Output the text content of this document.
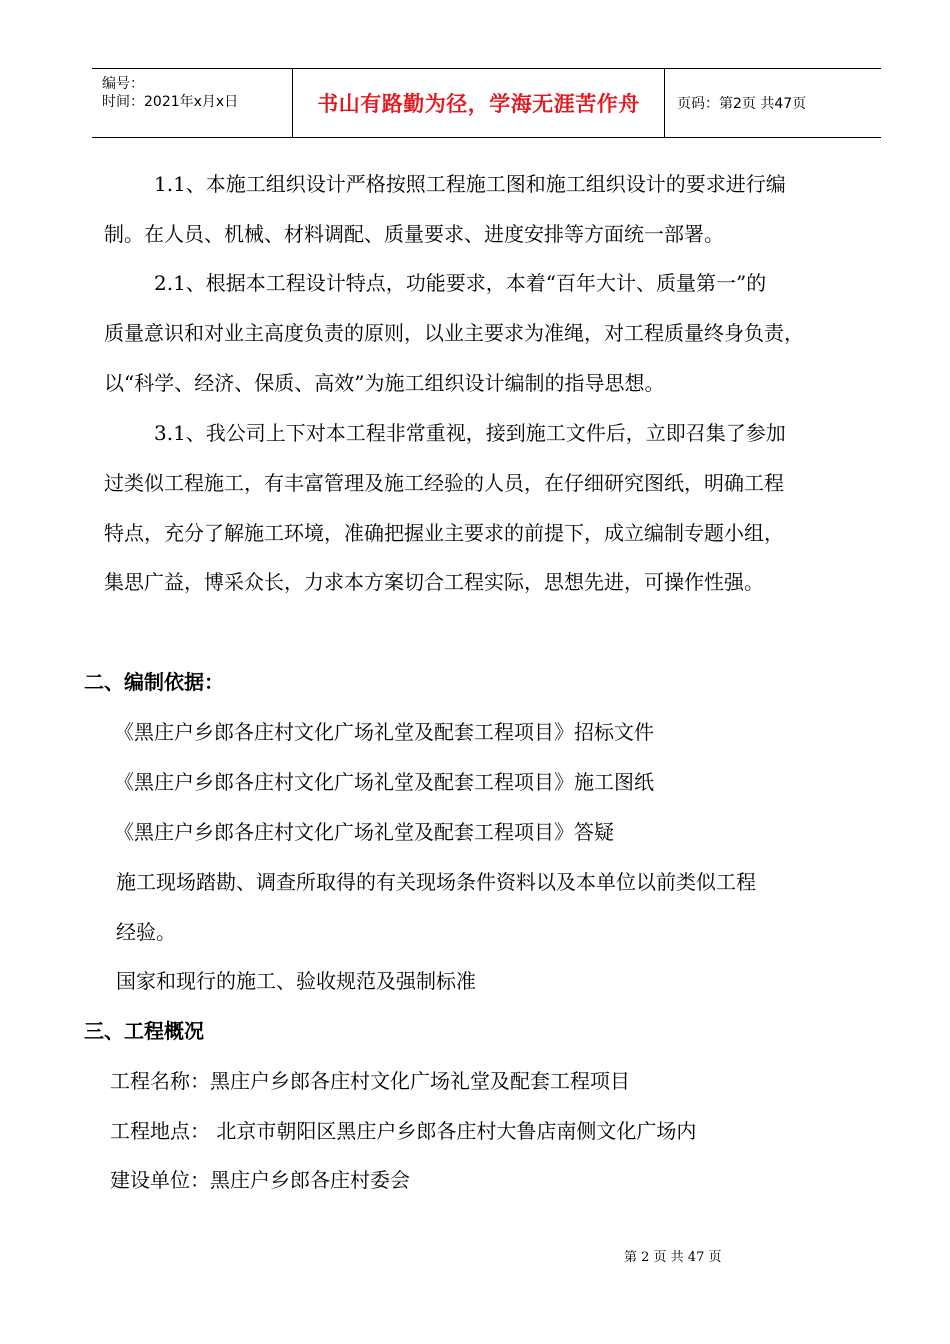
编号：
时间：2021年x月x日	书山有路勤为径，学海无涯苦作舟	页码：第2页 共47页
1.1、本施工组织设计严格按照工程施工图和施工组织设计的要求进行编
制。在人员、机械、材料调配、质量要求、进度安排等方面统一部署。
2.1、根据本工程设计特点，功能要求，本着“百年大计、质量第一”的
质量意识和对业主高度负责的原则，以业主要求为准绳，对工程质量终身负责，
以“科学、经济、保质、高效”为施工组织设计编制的指导思想。
3.1、我公司上下对本工程非常重视，接到施工文件后，立即召集了参加
过类似工程施工，有丰富管理及施工经验的人员，在仔细研究图纸，明确工程
特点，充分了解施工环境，准确把握业主要求的前提下，成立编制专题小组，
集思广益，博采众长，力求本方案切合工程实际，思想先进，可操作性强。
二、编制依据：
《黑庄户乡郎各庄村文化广场礼堂及配套工程项目》招标文件
《黑庄户乡郎各庄村文化广场礼堂及配套工程项目》施工图纸
《黑庄户乡郎各庄村文化广场礼堂及配套工程项目》答疑
施工现场踏勘、调查所取得的有关现场条件资料以及本单位以前类似工程
经验。
国家和现行的施工、验收规范及强制标准
三、工程概况
工程名称：黑庄户乡郎各庄村文化广场礼堂及配套工程项目
工程地点： 北京市朝阳区黑庄户乡郎各庄村大鲁店南侧文化广场内
建设单位：黑庄户乡郎各庄村委会
第 2 页 共 47 页
